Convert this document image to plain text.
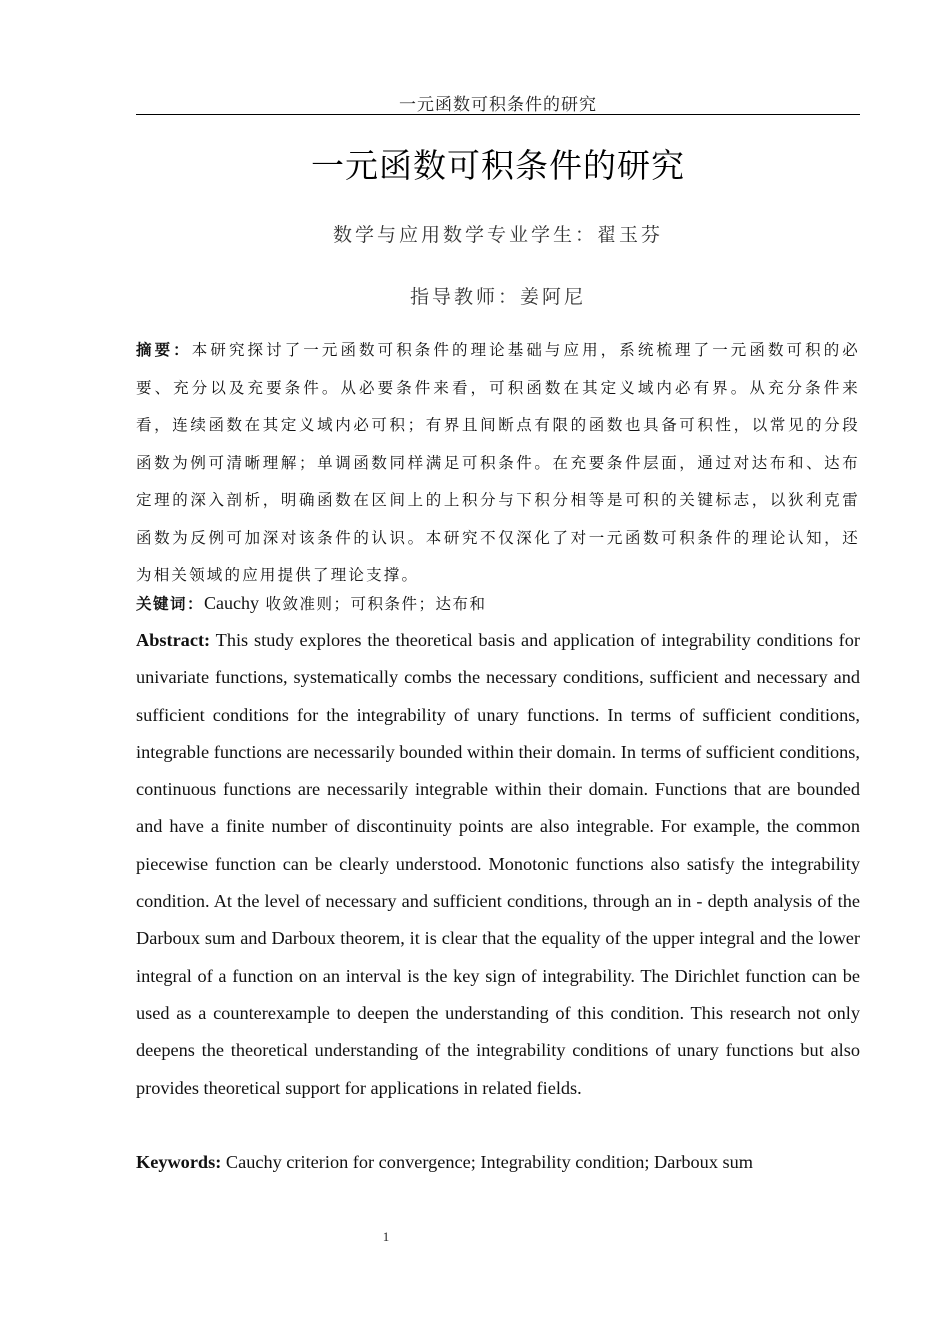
一元函数可积条件的研究
一元函数可积条件的研究
数学与应用数学专业学生：翟玉芬
指导教师：姜阿尼

摘要：本研究探讨了一元函数可积条件的理论基础与应用，系统梳理了一元函数可积的必要、充分以及充要条件。从必要条件来看，可积函数在其定义域内必有界。从充分条件来看，连续函数在其定义域内必可积；有界且间断点有限的函数也具备可积性，以常见的分段函数为例可清晰理解；单调函数同样满足可积条件。在充要条件层面，通过对达布和、达布定理的深入剖析，明确函数在区间上的上积分与下积分相等是可积的关键标志，以狄利克雷函数为反例可加深对该条件的认识。本研究不仅深化了对一元函数可积条件的理论认知，还为相关领域的应用提供了理论支撑。

关键词：Cauchy 收敛准则；可积条件；达布和

Abstract: This study explores the theoretical basis and application of integrability conditions for univariate functions, systematically combs the necessary conditions, sufficient and necessary and sufficient conditions for the integrability of unary functions. In terms of sufficient conditions, integrable functions are necessarily bounded within their domain. In terms of sufficient conditions, continuous functions are necessarily integrable within their domain. Functions that are bounded and have a finite number of discontinuity points are also integrable. For example, the common piecewise function can be clearly understood. Monotonic functions also satisfy the integrability condition. At the level of necessary and sufficient conditions, through an in - depth analysis of the Darboux sum and Darboux theorem, it is clear that the equality of the upper integral and the lower integral of a function on an interval is the key sign of integrability. The Dirichlet function can be used as a counterexample to deepen the understanding of this condition. This research not only deepens the theoretical understanding of the integrability conditions of unary functions but also provides theoretical support for applications in related fields.

Keywords: Cauchy criterion for convergence; Integrability condition; Darboux sum

1
